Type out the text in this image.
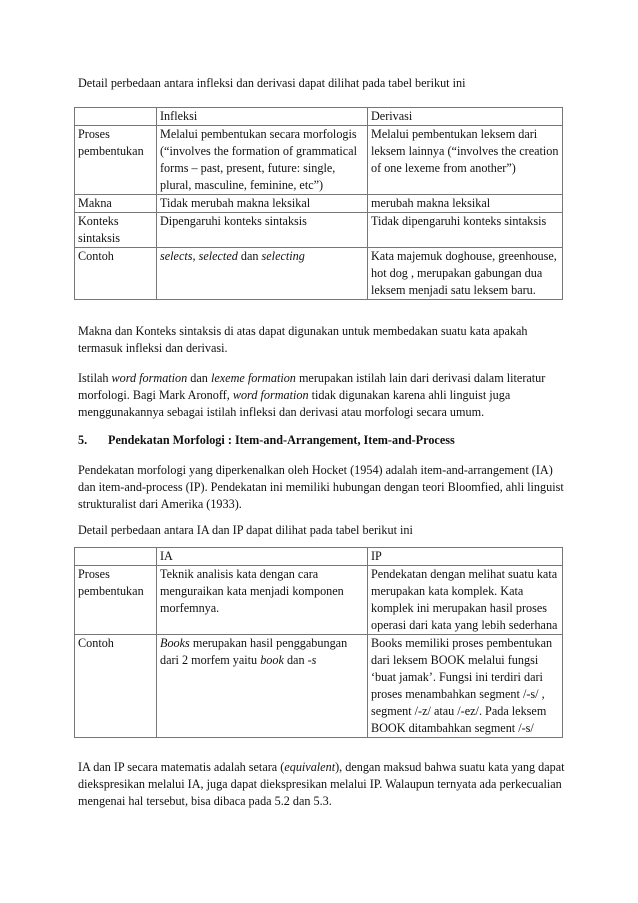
Detail perbedaan antara infleksi dan derivasi dapat dilihat pada tabel berikut ini

	Infleksi	Derivasi
Proses pembentukan	Melalui pembentukan secara morfologis (“involves the formation of grammatical forms – past, present, future: single, plural, masculine, feminine, etc”)	Melalui pembentukan leksem dari leksem lainnya (“involves the creation of one lexeme from another”)
Makna	Tidak merubah makna leksikal	merubah makna leksikal
Konteks sintaksis	Dipengaruhi konteks sintaksis	Tidak dipengaruhi konteks sintaksis
Contoh	selects, selected dan selecting	Kata majemuk doghouse, greenhouse, hot dog , merupakan gabungan dua leksem menjadi satu leksem baru.

Makna dan Konteks sintaksis di atas dapat digunakan untuk membedakan suatu kata apakah termasuk infleksi dan derivasi.

Istilah word formation dan lexeme formation merupakan istilah lain dari derivasi dalam literatur morfologi. Bagi Mark Aronoff, word formation tidak digunakan karena ahli linguist juga menggunakannya sebagai istilah infleksi dan derivasi atau morfologi secara umum.

5. Pendekatan Morfologi : Item-and-Arrangement, Item-and-Process

Pendekatan morfologi yang diperkenalkan oleh Hocket (1954) adalah item-and-arrangement (IA) dan item-and-process (IP). Pendekatan ini memiliki hubungan dengan teori Bloomfied, ahli linguist strukturalist dari Amerika (1933).

Detail perbedaan antara IA dan IP dapat dilihat pada tabel berikut ini

	IA	IP
Proses pembentukan	Teknik analisis kata dengan cara menguraikan kata menjadi komponen morfemnya.	Pendekatan dengan melihat suatu kata merupakan kata komplek. Kata komplek ini merupakan hasil proses operasi dari kata yang lebih sederhana
Contoh	Books merupakan hasil penggabungan dari 2 morfem yaitu book dan -s	Books memiliki proses pembentukan dari leksem BOOK melalui fungsi ‘buat jamak’. Fungsi ini terdiri dari proses menambahkan segment /-s/ , segment /-z/ atau /-ez/. Pada leksem BOOK ditambahkan segment /-s/

IA dan IP secara matematis adalah setara (equivalent), dengan maksud bahwa suatu kata yang dapat diekspresikan melalui IA, juga dapat diekspresikan melalui IP. Walaupun ternyata ada perkecualian mengenai hal tersebut, bisa dibaca pada 5.2 dan 5.3.
